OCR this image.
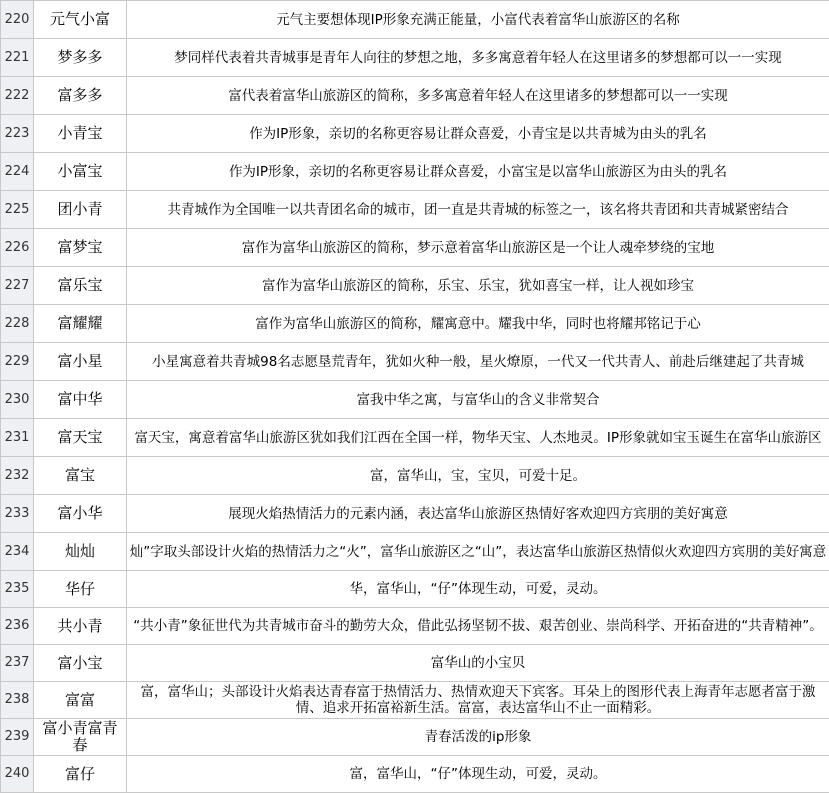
220	元气小富	元气主要想体现IP形象充满正能量，小富代表着富华山旅游区的名称
221	梦多多	梦同样代表着共青城事是青年人向往的梦想之地，多多寓意着年轻人在这里诸多的梦想都可以一一实现
222	富多多	富代表着富华山旅游区的简称，多多寓意着年轻人在这里诸多的梦想都可以一一实现
223	小青宝	作为IP形象，亲切的名称更容易让群众喜爱，小青宝是以共青城为由头的乳名
224	小富宝	作为IP形象，亲切的名称更容易让群众喜爱，小富宝是以富华山旅游区为由头的乳名
225	团小青	共青城作为全国唯一以共青团名命的城市，团一直是共青城的标签之一，该名将共青团和共青城紧密结合
226	富梦宝	富作为富华山旅游区的简称，梦示意着富华山旅游区是一个让人魂牵梦绕的宝地
227	富乐宝	富作为富华山旅游区的简称，乐宝、乐宝，犹如喜宝一样，让人视如珍宝
228	富耀耀	富作为富华山旅游区的简称，耀寓意中。耀我中华，同时也将耀邦铭记于心
229	富小星	小星寓意着共青城98名志愿垦荒青年，犹如火种一般，星火燎原，一代又一代共青人、前赴后继建起了共青城
230	富中华	富我中华之寓，与富华山的含义非常契合
231	富天宝	富天宝，寓意着富华山旅游区犹如我们江西在全国一样，物华天宝、人杰地灵。IP形象就如宝玉诞生在富华山旅游区
232	富宝	富，富华山，宝，宝贝，可爱十足。
233	富小华	展现火焰热情活力的元素内涵，表达富华山旅游区热情好客欢迎四方宾朋的美好寓意
234	灿灿	灿”字取头部设计火焰的热情活力之“火”，富华山旅游区之“山”，表达富华山旅游区热情似火欢迎四方宾朋的美好寓意
235	华仔	华，富华山，“仔”体现生动，可爱，灵动。
236	共小青	“共小青”象征世代为共青城市奋斗的勤劳大众，借此弘扬坚韧不拔、艰苦创业、崇尚科学、开拓奋进的“共青精神”。
237	富小宝	富华山的小宝贝
238	富富	富，富华山；头部设计火焰表达青春富于热情活力、热情欢迎天下宾客。耳朵上的图形代表上海青年志愿者富于激情、追求开拓富裕新生活。富富，表达富华山不止一面精彩。
239	富小青富青春	青春活泼的ip形象
240	富仔	富，富华山，“仔”体现生动，可爱，灵动。
